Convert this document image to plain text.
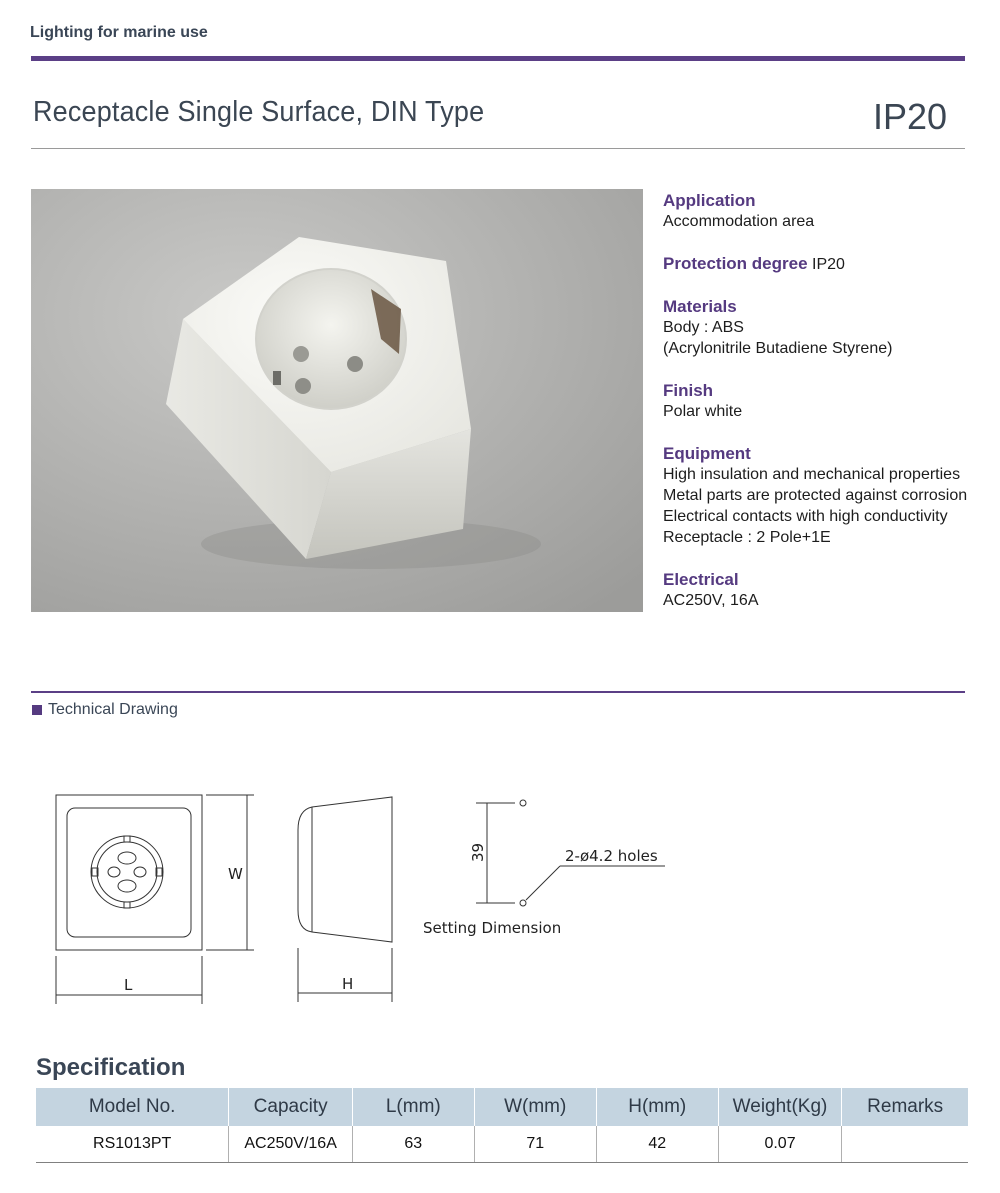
Lighting for marine use
Receptacle Single Surface, DIN Type	IP20
Application
Accommodation area
Protection degree IP20
Materials
Body : ABS
(Acrylonitrile Butadiene Styrene)
Finish
Polar white
Equipment
High insulation and mechanical properties
Metal parts are protected against corrosion
Electrical contacts with high conductivity
Receptacle : 2 Pole+1E
Electrical
AC250V, 16A
Technical Drawing
W
L	H
39	2-ø4.2 holes
Setting Dimension
Specification
Model No.	Capacity	L(mm)	W(mm)	H(mm)	Weight(Kg)	Remarks
RS1013PT	AC250V/16A	63	71	42	0.07	
